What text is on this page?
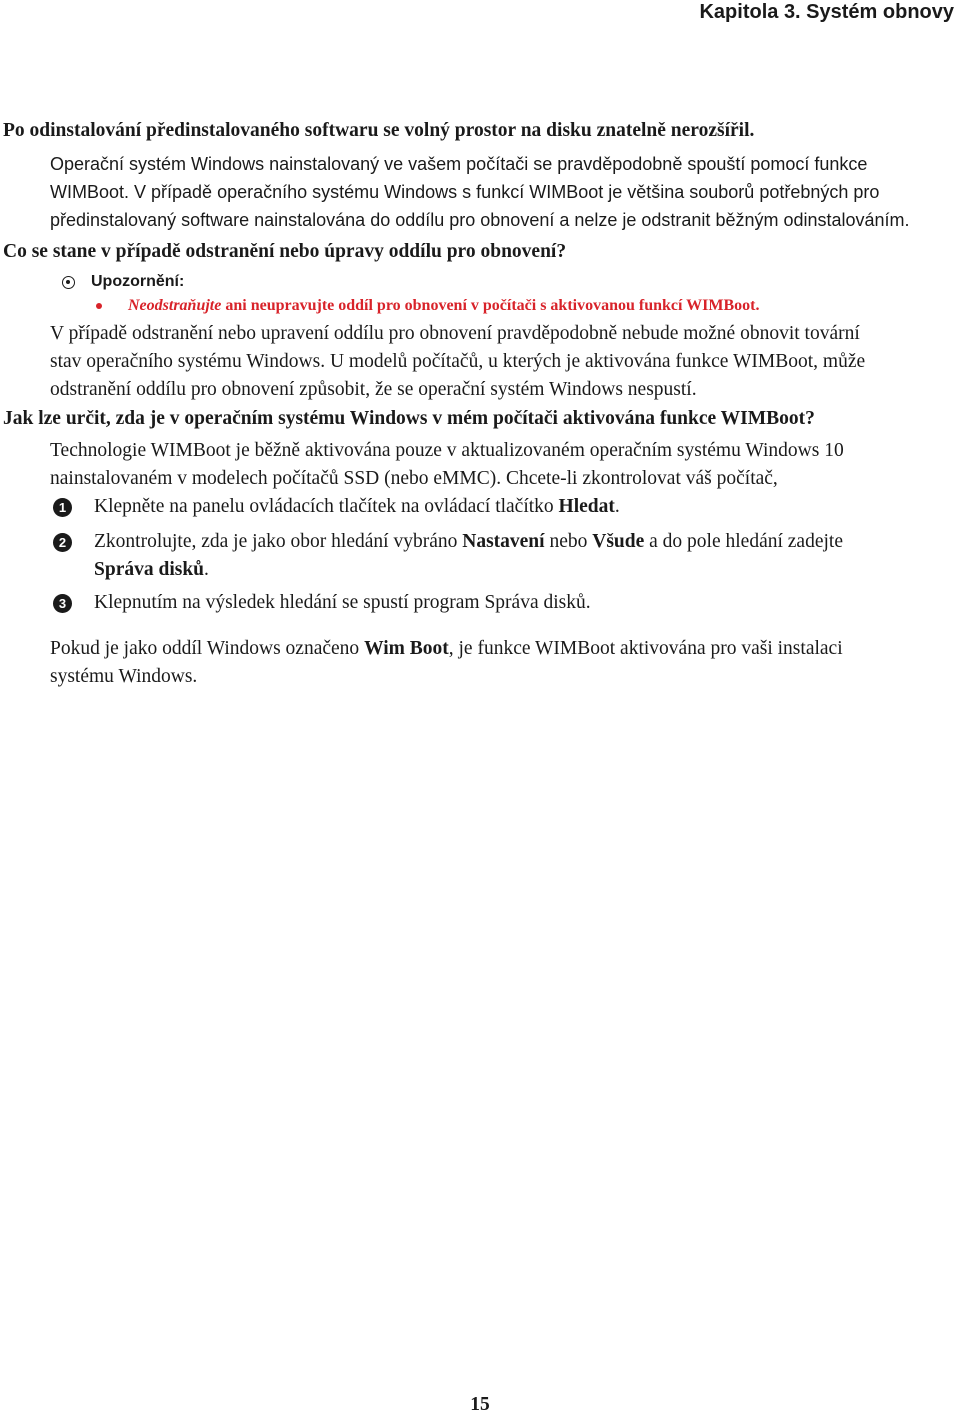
Kapitola 3. Systém obnovy
Po odinstalování předinstalovaného softwaru se volný prostor na disku znatelně nerozšířil.
Operační systém Windows nainstalovaný ve vašem počítači se pravděpodobně spouští pomocí funkce
WIMBoot. V případě operačního systému Windows s funkcí WIMBoot je většina souborů potřebných pro
předinstalovaný software nainstalována do oddílu pro obnovení a nelze je odstranit běžným odinstalováním.
Co se stane v případě odstranění nebo úpravy oddílu pro obnovení?
Upozornění:
Neodstraňujte ani neupravujte oddíl pro obnovení v počítači s aktivovanou funkcí WIMBoot.
V případě odstranění nebo upravení oddílu pro obnovení pravděpodobně nebude možné obnovit tovární
stav operačního systému Windows. U modelů počítačů, u kterých je aktivována funkce WIMBoot, může
odstranění oddílu pro obnovení způsobit, že se operační systém Windows nespustí.
Jak lze určit, zda je v operačním systému Windows v mém počítači aktivována funkce WIMBoot?
Technologie WIMBoot je běžně aktivována pouze v aktualizovaném operačním systému Windows 10
nainstalovaném v modelech počítačů SSD (nebo eMMC). Chcete-li zkontrolovat váš počítač,
1	Klepněte na panelu ovládacích tlačítek na ovládací tlačítko Hledat.
2	Zkontrolujte, zda je jako obor hledání vybráno Nastavení nebo Všude a do pole hledání zadejte
Správa disků.
3	Klepnutím na výsledek hledání se spustí program Správa disků.
Pokud je jako oddíl Windows označeno Wim Boot, je funkce WIMBoot aktivována pro vaši instalaci
systému Windows.
15
